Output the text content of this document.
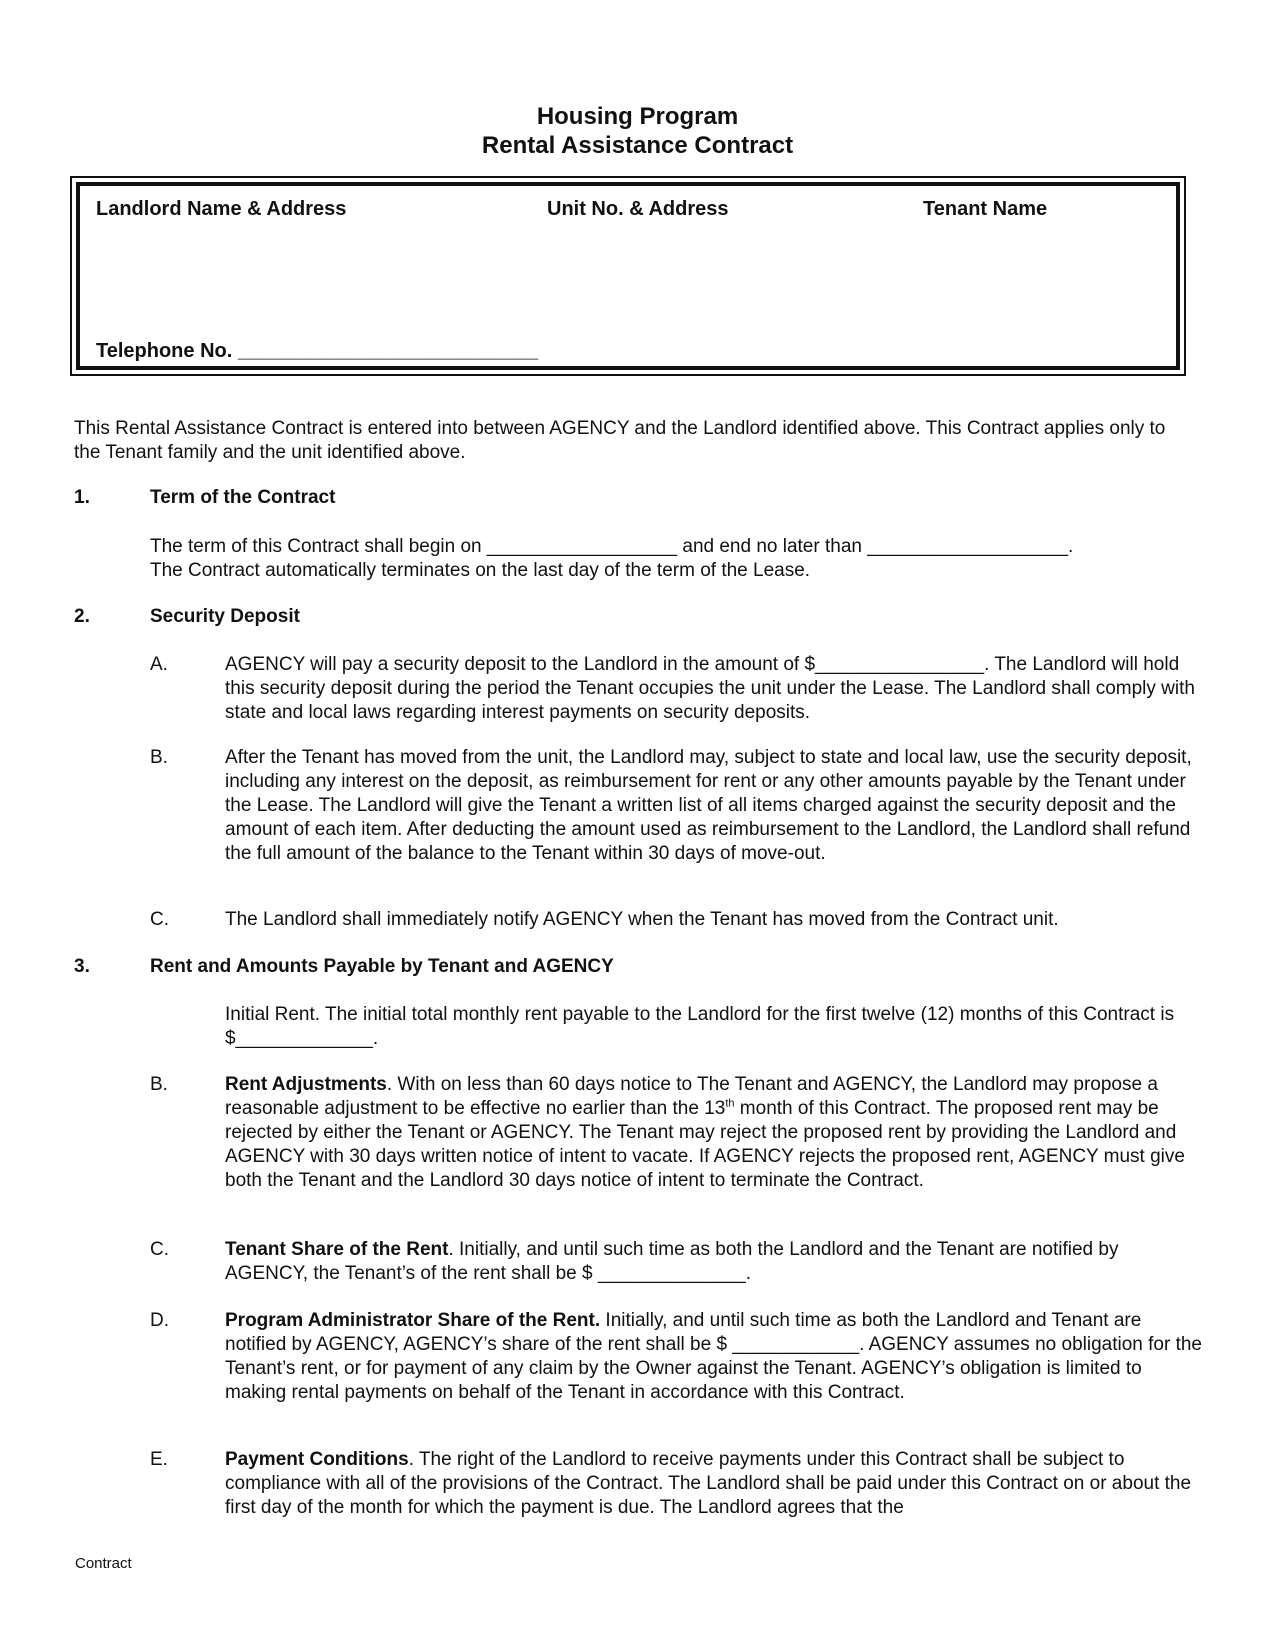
Housing Program
Rental Assistance Contract
Landlord Name & Address	Unit No. & Address	Tenant Name
Telephone No. ___________________________

This Rental Assistance Contract is entered into between AGENCY and the Landlord identified above. This Contract applies only to the Tenant family and the unit identified above.

1.	Term of the Contract
The term of this Contract shall begin on __________________ and end no later than ___________________.
The Contract automatically terminates on the last day of the term of the Lease.
2.	Security Deposit
A.	AGENCY will pay a security deposit to the Landlord in the amount of $________________. The Landlord will hold this security deposit during the period the Tenant occupies the unit under the Lease. The Landlord shall comply with state and local laws regarding interest payments on security deposits.

B.	After the Tenant has moved from the unit, the Landlord may, subject to state and local law, use the security deposit, including any interest on the deposit, as reimbursement for rent or any other amounts payable by the Tenant under the Lease. The Landlord will give the Tenant a written list of all items charged against the security deposit and the amount of each item. After deducting the amount used as reimbursement to the Landlord, the Landlord shall refund the full amount of the balance to the Tenant within 30 days of move-out.

C.	The Landlord shall immediately notify AGENCY when the Tenant has moved from the Contract unit.

3.	Rent and Amounts Payable by Tenant and AGENCY

Initial Rent. The initial total monthly rent payable to the Landlord for the first twelve (12) months of this Contract is $_____________.

B.	Rent Adjustments. With on less than 60 days notice to The Tenant and AGENCY, the Landlord may propose a reasonable adjustment to be effective no earlier than the 13th month of this Contract. The proposed rent may be rejected by either the Tenant or AGENCY. The Tenant may reject the proposed rent by providing the Landlord and AGENCY with 30 days written notice of intent to vacate. If AGENCY rejects the proposed rent, AGENCY must give both the Tenant and the Landlord 30 days notice of intent to terminate the Contract.

C.	Tenant Share of the Rent. Initially, and until such time as both the Landlord and the Tenant are notified by AGENCY, the Tenant’s of the rent shall be $ ______________.

D.	Program Administrator Share of the Rent. Initially, and until such time as both the Landlord and Tenant are notified by AGENCY, AGENCY’s share of the rent shall be $ ____________. AGENCY assumes no obligation for the Tenant’s rent, or for payment of any claim by the Owner against the Tenant. AGENCY’s obligation is limited to making rental payments on behalf of the Tenant in accordance with this Contract.

E.	Payment Conditions. The right of the Landlord to receive payments under this Contract shall be subject to compliance with all of the provisions of the Contract. The Landlord shall be paid under this Contract on or about the first day of the month for which the payment is due. The Landlord agrees that the

Contract
